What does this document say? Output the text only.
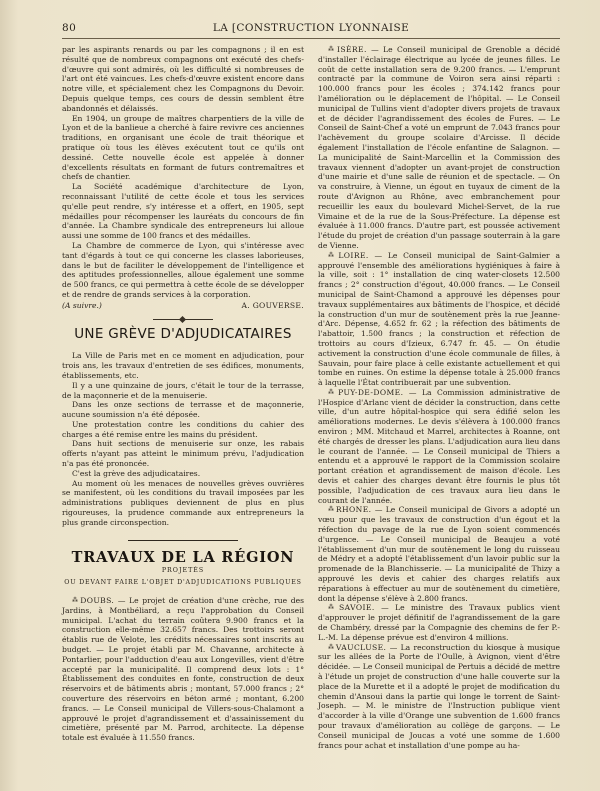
80	LA [CONSTRUCTION LYONNAISE

par les aspirants renards ou par les compagnons ; il en est résulté que de nombreux compagnons ont exécuté des chefs-d'œuvre qui sont admirés, où les difficulté si nombreuses de l'art ont été vaincues. Les chefs-d'œuvre existent encore dans notre ville, et spécialement chez les Compagnons du Devoir. Depuis quelque temps, ces cours de dessin semblent être abandonnés et délaissés.

En 1904, un groupe de maîtres charpentiers de la ville de Lyon et de la banlieue a cherché à faire revivre ces anciennes traditions, en organisant une école de trait théorique et pratique où tous les élèves exécutent tout ce qu'ils ont dessiné. Cette nouvelle école est appelée à donner d'excellents résultats en formant de futurs contremaîtres et chefs de chantier.

La Société académique d'architecture de Lyon, reconnaissant l'utilité de cette école et tous les services qu'elle peut rendre, s'y intéresse et a offert, en 1905, sept médailles pour récompenser les lauréats du concours de fin d'année. La Chambre syndicale des entrepreneurs lui alloue aussi une somme de 100 francs et des médailles.

La Chambre de commerce de Lyon, qui s'intéresse avec tant d'égards à tout ce qui concerne les classes laborieuses, dans le but de faciliter le développement de l'intelligence et des aptitudes professionnelles, alloue également une somme de 500 francs, ce qui permettra à cette école de se développer et de rendre de grands services à la corporation.

(A suivre.)	A. GOUVERSE.
UNE GRÈVE D'ADJUDICATAIRES

La Ville de Paris met en ce moment en adjudication, pour trois ans, les travaux d'entretien de ses édifices, monuments, établissements, etc.

Il y a une quinzaine de jours, c'était le tour de la terrasse, de la maçonnerie et de la menuiserie.

Dans les onze sections de terrasse et de maçonnerie, aucune soumission n'a été déposée.

Une protestation contre les conditions du cahier des charges a été remise entre les mains du président.

Dans huit sections de menuiserie sur onze, les rabais offerts n'ayant pas atteint le minimum prévu, l'adjudication n'a pas été prononcée.

C'est la grève des adjudicataires.

Au moment où les menaces de nouvelles grèves ouvrières se manifestent, où les conditions du travail imposées par les administrations publiques deviennent de plus en plus rigoureuses, la prudence commande aux entrepreneurs la plus grande circonspection.

TRAVAUX DE LA RÉGION
PROJETÉS
OU DEVANT FAIRE L'OBJET D'ADJUDICATIONS PUBLIQUES

⁂ DOUBS. — Le projet de création d'une crèche, rue des Jardins, à Montbéliard, a reçu l'approbation du Conseil municipal. L'achat du terrain coûtera 9.900 francs et la construction elle-même 32.657 francs. Des trottoirs seront établis rue de Velote, les crédits nécessaires sont inscrits au budget. — Le projet établi par M. Chavanne, architecte à Pontarlier, pour l'adduction d'eau aux Longevilles, vient d'être accepté par la municipalité. Il comprend deux lots : 1° Établissement des conduites en fonte, construction de deux réservoirs et de bâtiments abris ; montant, 57.000 francs ; 2° couverture des réservoirs en béton armé ; montant, 6.200 francs. — Le Conseil municipal de Villers-sous-Chalamont a approuvé le projet d'agrandissement et d'assainissement du cimetière, présenté par M. Parrod, architecte. La dépense totale est évaluée à 11.550 francs.

⁂ ISÈRE. — Le Conseil municipal de Grenoble a décidé d'installer l'éclairage électrique au lycée de jeunes filles. Le coût de cette installation sera de 9.200 francs. — L'emprunt contracté par la commune de Voiron sera ainsi réparti : 100.000 francs pour les écoles ; 374.142 francs pour l'amélioration ou le déplacement de l'hôpital. — Le Conseil municipal de Tullins vient d'adopter divers projets de travaux et de décider l'agrandissement des écoles de Fures. — Le Conseil de Saint-Chef a voté un emprunt de 7.043 francs pour l'achèvement du groupe scolaire d'Arcisse. Il décide également l'installation de l'école enfantine de Salagnon. — La municipalité de Saint-Marcellin et la Commission des travaux viennent d'adopter un avant-projet de construction d'une mairie et d'une salle de réunion et de spectacle. — On va construire, à Vienne, un égout en tuyaux de ciment de la route d'Avignon au Rhône, avec embranchement pour recueillir les eaux du boulevard Michel-Servet, de la rue Vimaine et de la rue de la Sous-Préfecture. La dépense est évaluée à 11.000 francs. D'autre part, est poussée activement l'étude du projet de création d'un passage souterrain à la gare de Vienne.

⁂ LOIRE. — Le Conseil municipal de Saint-Galmier a approuvé l'ensemble des améliorations hygiéniques à faire à la ville, soit : 1° installation de cinq water-closets 12.500 francs ; 2° construction d'égout, 40.000 francs. — Le Conseil municipal de Saint-Chamond a approuvé les dépenses pour travaux supplémentaires aux bâtiments de l'hospice, et décidé la construction d'un mur de soutènement près la rue Jeanne-d'Arc. Dépense, 4.652 fr. 62 ; la réfection des bâtiments de l'abattoir, 1.500 francs ; la construction et réfection de trottoirs au cours d'Izieux, 6.747 fr. 45. — On étudie activement la construction d'une école communale de filles, à Sauvain, pour faire place à celle existante actuellement et qui tombe en ruines. On estime la dépense totale à 25.000 francs à laquelle l'État contribuerait par une subvention.

⁂ PUY-DE-DOME. — La Commission administrative de l'Hospice d'Arlanc vient de décider la construction, dans cette ville, d'un autre hôpital-hospice qui sera édifié selon les améliorations modernes. Le devis s'élèvera à 100.000 francs environ ; MM. Mitchaud et Marrel, architectes à Roanne, ont été chargés de dresser les plans. L'adjudication aura lieu dans le courant de l'année. — Le Conseil municipal de Thiers a entendu et a approuvé le rapport de la Commission scolaire portant création et agrandissement de maison d'école. Les devis et cahier des charges devant être fournis le plus tôt possible, l'adjudication de ces travaux aura lieu dans le courant de l'année.

⁂ RHONE. — Le Conseil municipal de Givors a adopté un vœu pour que les travaux de construction d'un égout et la réfection du pavage de la rue de Lyon soient commencés d'urgence. — Le Conseil municipal de Beaujeu a voté l'établissement d'un mur de soutènement le long du ruisseau de Médry et a adopté l'établissement d'un lavoir public sur la promenade de la Blanchisserie. — La municipalité de Thizy a approuvé les devis et cahier des charges relatifs aux réparations à effectuer au mur de soutènement du cimetière, dont la dépense s'élève à 2.800 francs.

⁂ SAVOIE. — Le ministre des Travaux publics vient d'approuver le projet définitif de l'agrandissement de la gare de Chambéry, dressé par la Compagnie des chemins de fer P.-L.-M. La dépense prévue est d'environ 4 millions.

⁂ VAUCLUSE. — La reconstruction du kiosque à musique sur les allées de la Porte de l'Oulle, à Avignon, vient d'être décidée. — Le Conseil municipal de Pertuis a décidé de mettre à l'étude un projet de construction d'une halle couverte sur la place de la Murette et il a adopté le projet de modification du chemin d'Ansoui dans la partie qui longe le torrent de Saint-Joseph. — M. le ministre de l'Instruction publique vient d'accorder à la ville d'Orange une subvention de 1.600 francs pour travaux d'amélioration au collège de garçons. — Le Conseil municipal de Joucas a voté une somme de 1.600 francs pour achat et installation d'une pompe au ha-
